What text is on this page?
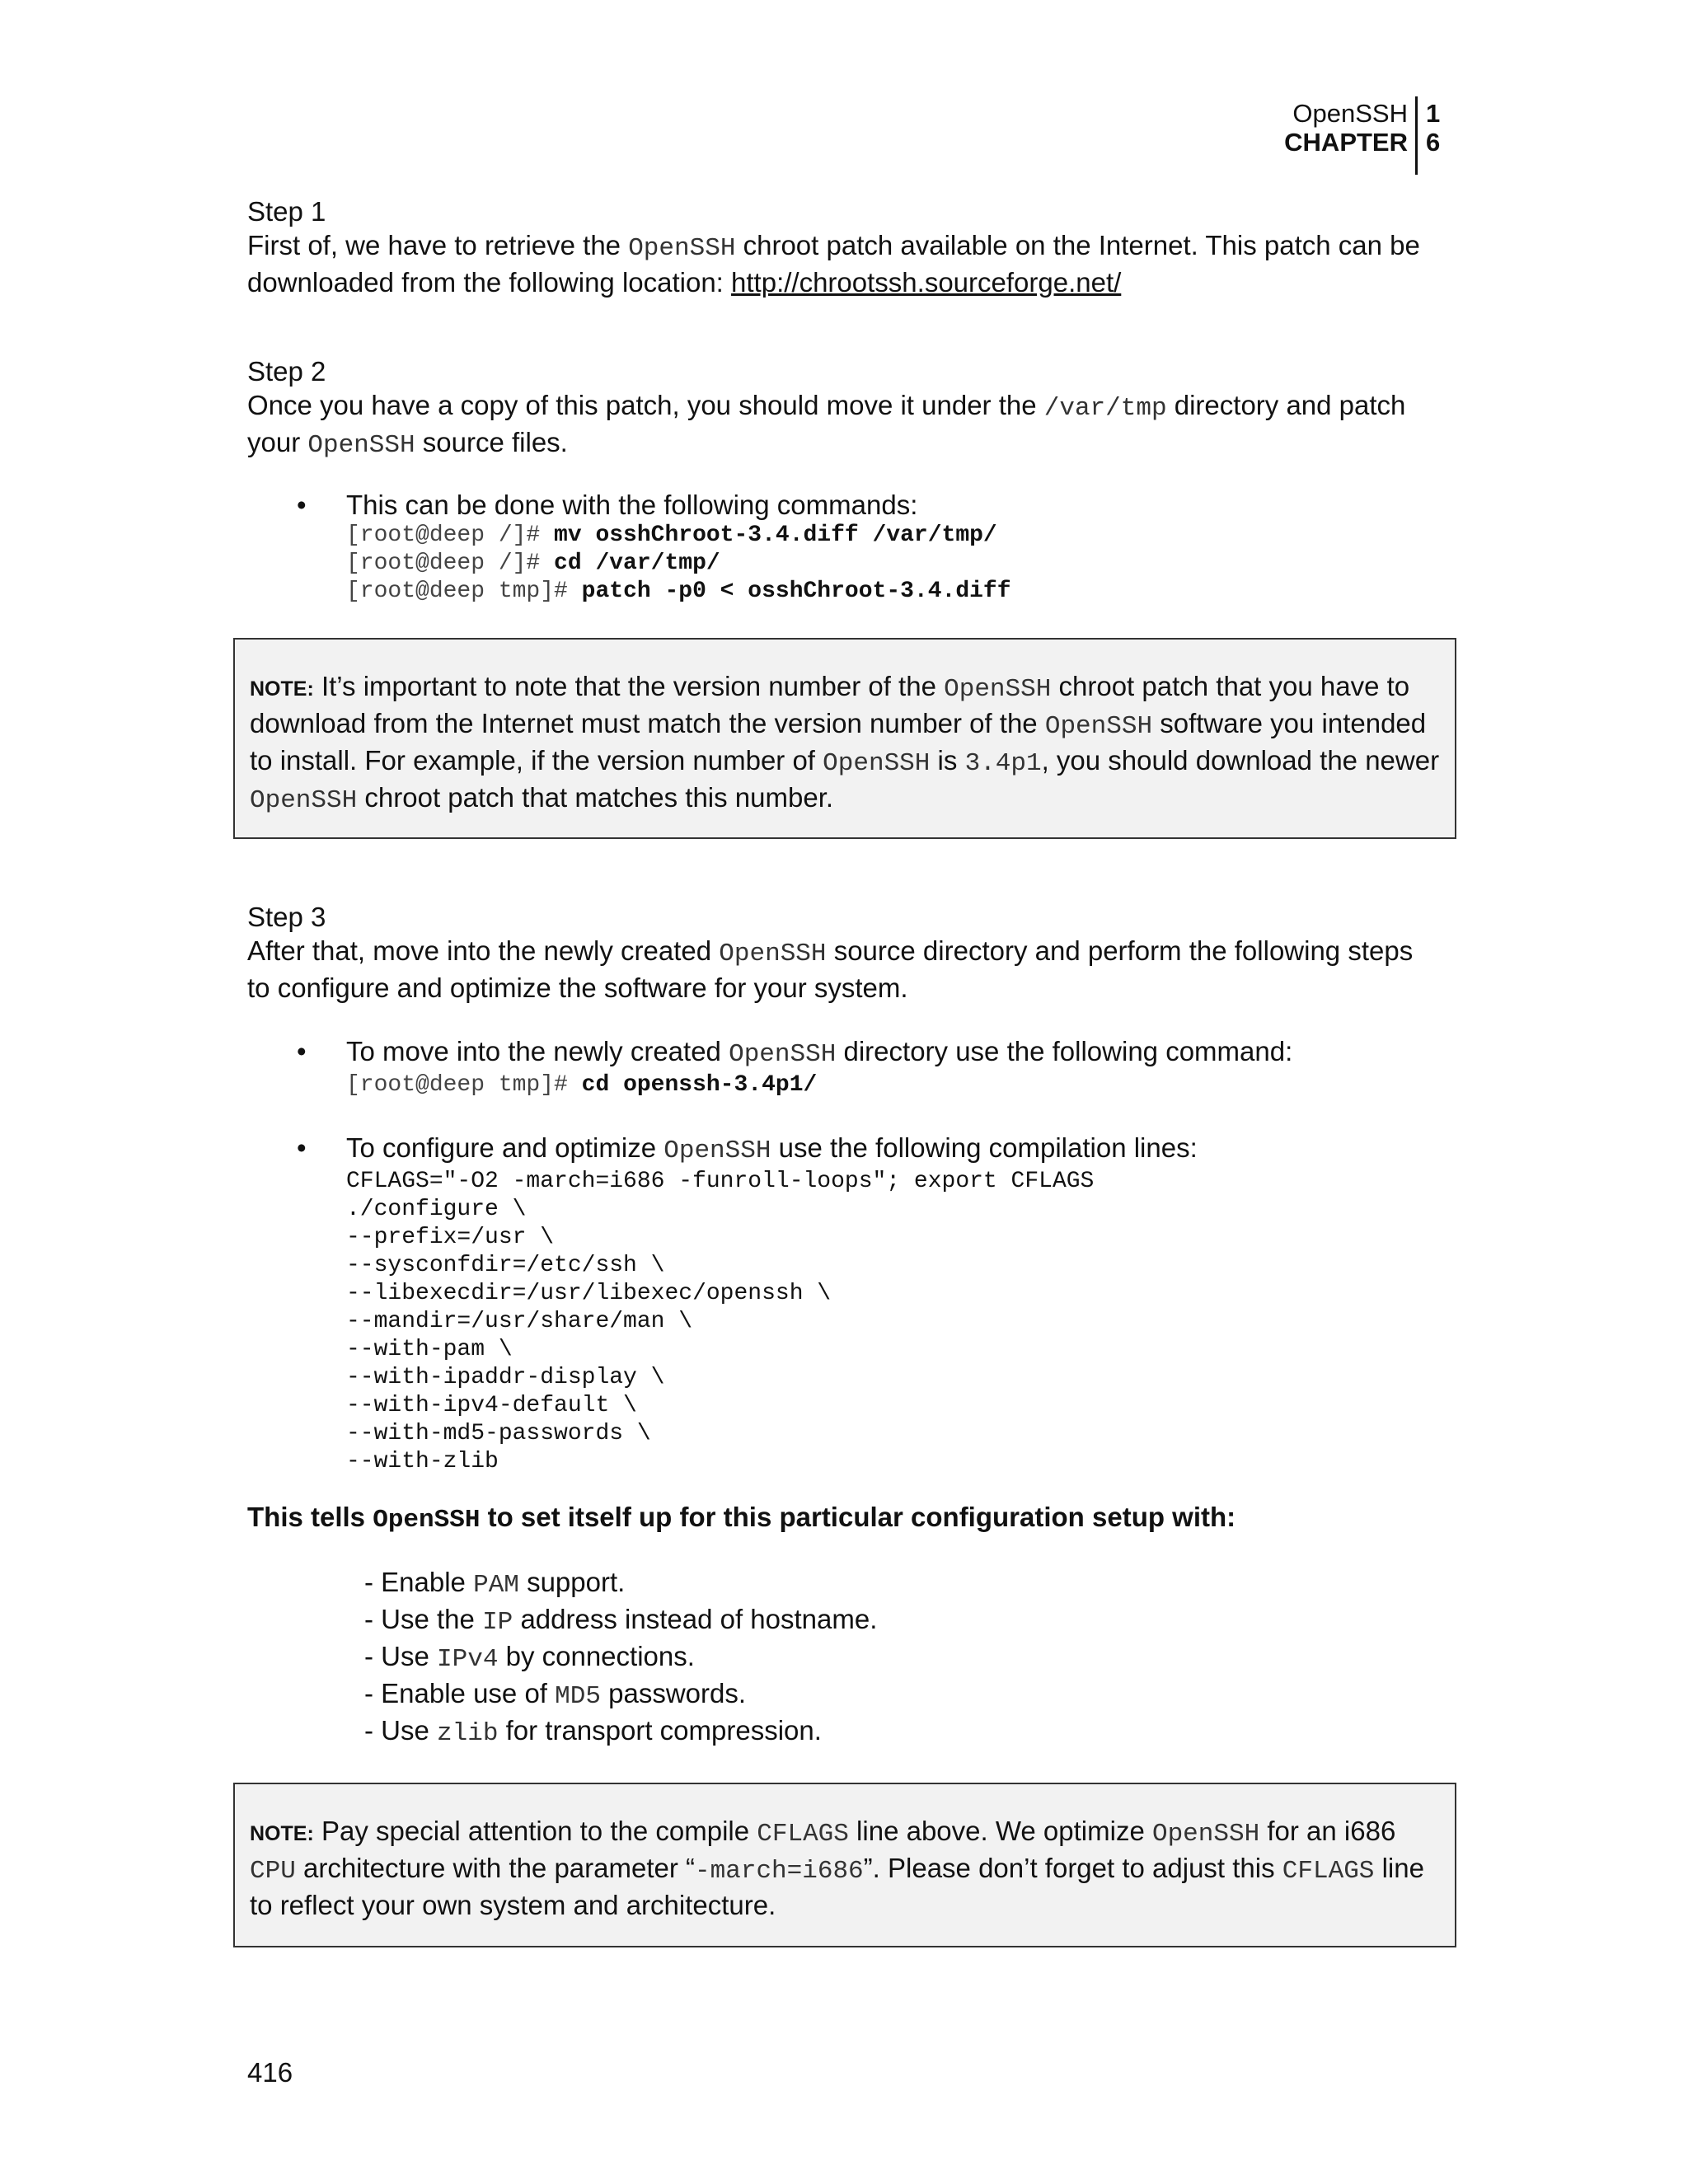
OpenSSH
CHAPTER
1
6

Step 1

First of, we have to retrieve the OpenSSH chroot patch available on the Internet. This patch can be downloaded from the following location: http://chrootssh.sourceforge.net/

Step 2

Once you have a copy of this patch, you should move it under the /var/tmp directory and patch your OpenSSH source files.

• This can be done with the following commands:
[root@deep /]# mv osshChroot-3.4.diff /var/tmp/
[root@deep /]# cd /var/tmp/
[root@deep tmp]# patch -p0 < osshChroot-3.4.diff
NOTE: It’s important to note that the version number of the OpenSSH chroot patch that you have to download from the Internet must match the version number of the OpenSSH software you intended to install. For example, if the version number of OpenSSH is 3.4p1, you should download the newer OpenSSH chroot patch that matches this number.

Step 3

After that, move into the newly created OpenSSH source directory and perform the following steps to configure and optimize the software for your system.

• To move into the newly created OpenSSH directory use the following command:
[root@deep tmp]# cd openssh-3.4p1/
• To configure and optimize OpenSSH use the following compilation lines:
CFLAGS="-O2 -march=i686 -funroll-loops"; export CFLAGS
./configure \
--prefix=/usr \
--sysconfdir=/etc/ssh \
--libexecdir=/usr/libexec/openssh \
--mandir=/usr/share/man \
--with-pam \
--with-ipaddr-display \
--with-ipv4-default \
--with-md5-passwords \
--with-zlib
This tells OpenSSH to set itself up for this particular configuration setup with:
- Enable PAM support.
- Use the IP address instead of hostname.
- Use IPv4 by connections.
- Enable use of MD5 passwords.
- Use zlib for transport compression.
NOTE: Pay special attention to the compile CFLAGS line above. We optimize OpenSSH for an i686 CPU architecture with the parameter “-march=i686”. Please don’t forget to adjust this CFLAGS line to reflect your own system and architecture.
416
